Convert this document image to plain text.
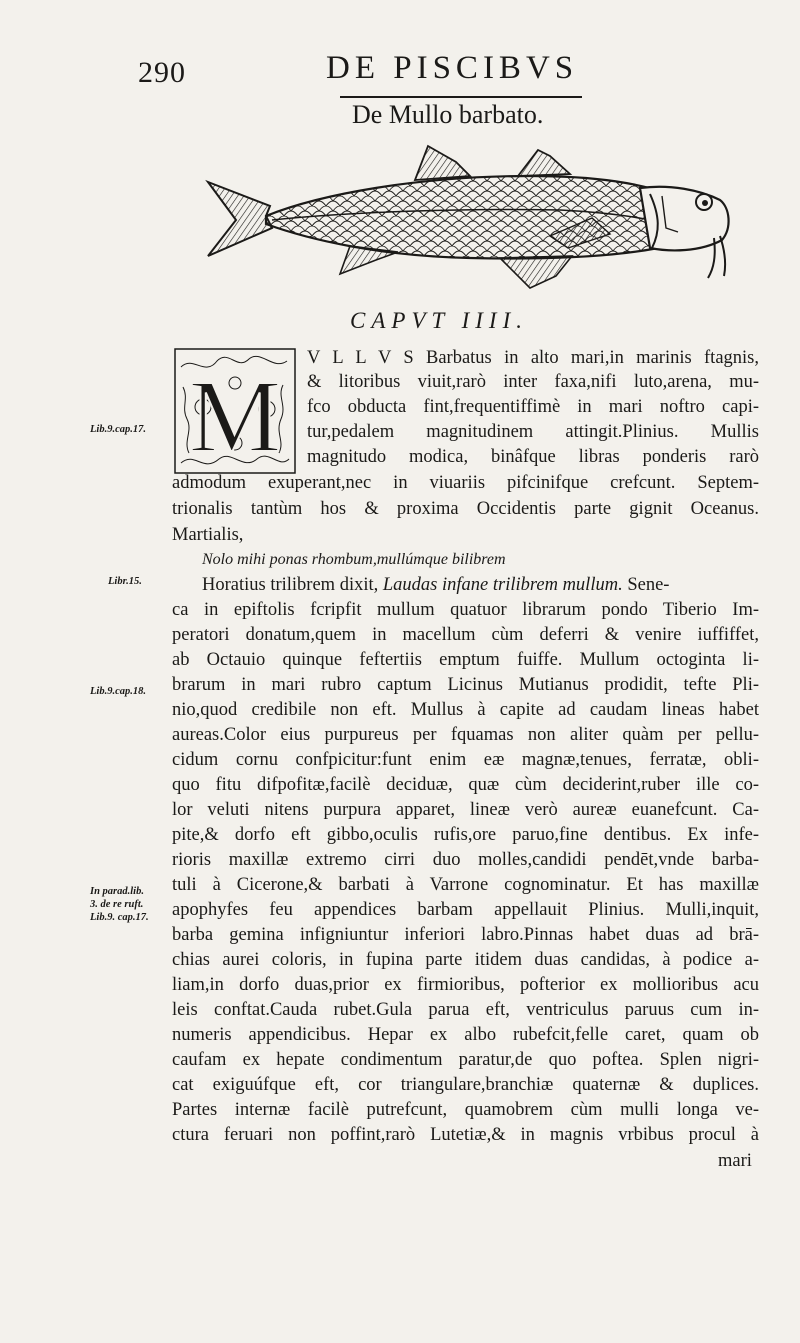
290	DE PISCIBVS
De Mullo barbato.
CAPVT IIII.
M
Lib.9.cap.17.
Libr.15.
Lib.9.cap.18.
In parad.lib.
3. de re ruft.
Lib.9. cap.17.
V L L V S Barbatus in alto mari,in marinis ftagnis,
& litoribus viuit,rarò inter faxa,nifi luto,arena, mu-
fco obducta fint,frequentiffimè in mari noftro capi-
tur,pedalem magnitudinem attingit.Plinius. Mullis
magnitudo modica, binâfque libras ponderis rarò
admodum exuperant,nec in viuariis pifcinifque crefcunt. Septem-
trionalis tantùm hos & proxima Occidentis parte gignit Oceanus.
Martialis,
Nolo mihi ponas rhombum,mullúmque bilibrem
Horatius trilibrem dixit, Laudas infane trilibrem mullum. Sene-
ca in epiftolis fcripfit mullum quatuor librarum pondo Tiberio Im-
peratori donatum,quem in macellum cùm deferri & venire iuffiffet,
ab Octauio quinque feftertiis emptum fuiffe. Mullum octoginta li-
brarum in mari rubro captum Licinus Mutianus prodidit, tefte Pli-
nio,quod credibile non eft. Mullus à capite ad caudam lineas habet
aureas.Color eius purpureus per fquamas non aliter quàm per pellu-
cidum cornu confpicitur:funt enim eæ magnæ,tenues, ferratæ, obli-
quo fitu difpofitæ,facilè deciduæ, quæ cùm deciderint,ruber ille co-
lor veluti nitens purpura apparet, lineæ verò aureæ euanefcunt. Ca-
pite,& dorfo eft gibbo,oculis rufis,ore paruo,fine dentibus. Ex infe-
rioris maxillæ extremo cirri duo molles,candidi pendēt,vnde barba-
tuli à Cicerone,& barbati à Varrone cognominatur. Et has maxillæ
apophyfes feu appendices barbam appellauit Plinius. Mulli,inquit,
barba gemina infigniuntur inferiori labro.Pinnas habet duas ad brā-
chias aurei coloris, in fupina parte itidem duas candidas, à podice a-
liam,in dorfo duas,prior ex firmioribus, pofterior ex mollioribus acu
leis conftat.Cauda rubet.Gula parua eft, ventriculus paruus cum in-
numeris appendicibus. Hepar ex albo rubefcit,felle caret, quam ob
caufam ex hepate condimentum paratur,de quo poftea. Splen nigri-
cat exiguúfque eft, cor triangulare,branchiæ quaternæ & duplices.
Partes internæ facilè putrefcunt, quamobrem cùm mulli longa ve-
ctura feruari non poffint,rarò Lutetiæ,& in magnis vrbibus procul à
mari
